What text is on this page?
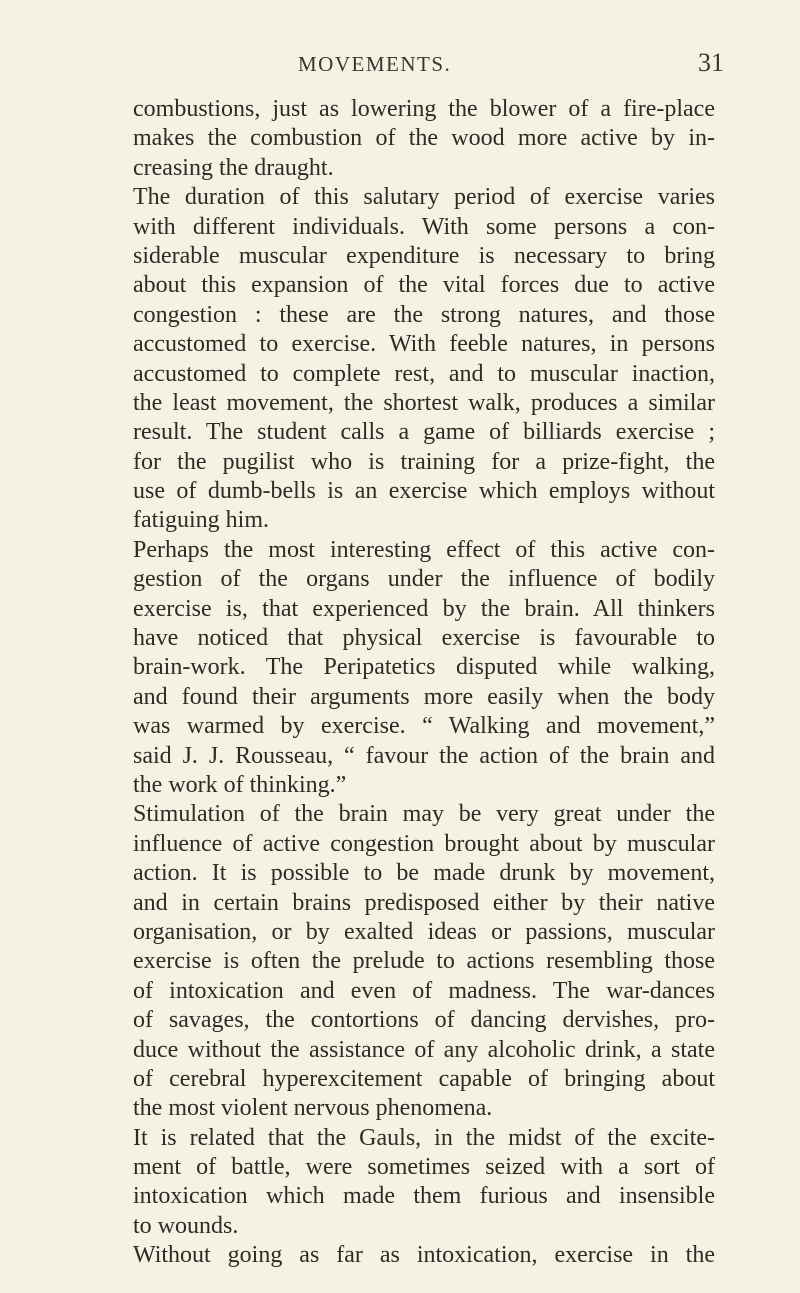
MOVEMENTS.	31
combustions, just as lowering the blower of a fire-place
makes the combustion of the wood more active by in-
creasing the draught.
The duration of this salutary period of exercise varies
with different individuals. With some persons a con-
siderable muscular expenditure is necessary to bring
about this expansion of the vital forces due to active
congestion : these are the strong natures, and those
accustomed to exercise. With feeble natures, in persons
accustomed to complete rest, and to muscular inaction,
the least movement, the shortest walk, produces a similar
result. The student calls a game of billiards exercise ;
for the pugilist who is training for a prize-fight, the
use of dumb-bells is an exercise which employs without
fatiguing him.
Perhaps the most interesting effect of this active con-
gestion of the organs under the influence of bodily
exercise is, that experienced by the brain. All thinkers
have noticed that physical exercise is favourable to
brain-work. The Peripatetics disputed while walking,
and found their arguments more easily when the body
was warmed by exercise. “ Walking and movement,”
said J. J. Rousseau, “ favour the action of the brain and
the work of thinking.”
Stimulation of the brain may be very great under the
influence of active congestion brought about by muscular
action. It is possible to be made drunk by movement,
and in certain brains predisposed either by their native
organisation, or by exalted ideas or passions, muscular
exercise is often the prelude to actions resembling those
of intoxication and even of madness. The war-dances
of savages, the contortions of dancing dervishes, pro-
duce without the assistance of any alcoholic drink, a state
of cerebral hyperexcitement capable of bringing about
the most violent nervous phenomena.
It is related that the Gauls, in the midst of the excite-
ment of battle, were sometimes seized with a sort of
intoxication which made them furious and insensible
to wounds.
Without going as far as intoxication, exercise in the
